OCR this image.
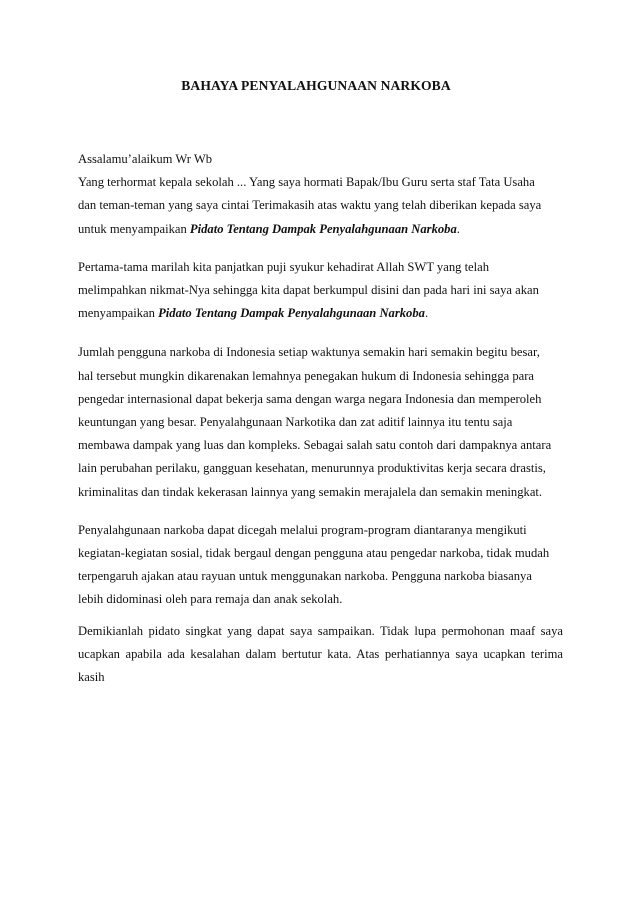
BAHAYA PENYALAHGUNAAN NARKOBA
Assalamu’alaikum Wr Wb
Yang terhormat kepala sekolah ... Yang saya hormati Bapak/Ibu Guru serta staf Tata Usaha
dan teman-teman yang saya cintai Terimakasih atas waktu yang telah diberikan kepada saya
untuk menyampaikan Pidato Tentang Dampak Penyalahgunaan Narkoba.
Pertama-tama marilah kita panjatkan puji syukur kehadirat Allah SWT yang telah
melimpahkan nikmat-Nya sehingga kita dapat berkumpul disini dan pada hari ini saya akan
menyampaikan Pidato Tentang Dampak Penyalahgunaan Narkoba.
Jumlah pengguna narkoba di Indonesia setiap waktunya semakin hari semakin begitu besar,
hal tersebut mungkin dikarenakan lemahnya penegakan hukum di Indonesia sehingga para
pengedar internasional dapat bekerja sama dengan warga negara Indonesia dan memperoleh
keuntungan yang besar. Penyalahgunaan Narkotika dan zat aditif lainnya itu tentu saja
membawa dampak yang luas dan kompleks. Sebagai salah satu contoh dari dampaknya antara
lain perubahan perilaku, gangguan kesehatan, menurunnya produktivitas kerja secara drastis,
kriminalitas dan tindak kekerasan lainnya yang semakin merajalela dan semakin meningkat.
Penyalahgunaan narkoba dapat dicegah melalui program-program diantaranya mengikuti
kegiatan-kegiatan sosial, tidak bergaul dengan pengguna atau pengedar narkoba, tidak mudah
terpengaruh ajakan atau rayuan untuk menggunakan narkoba. Pengguna narkoba biasanya
lebih didominasi oleh para remaja dan anak sekolah.
Demikianlah pidato singkat yang dapat saya sampaikan. Tidak lupa permohonan maaf saya
ucapkan apabila ada kesalahan dalam bertutur kata. Atas perhatiannya saya ucapkan terima
kasih
